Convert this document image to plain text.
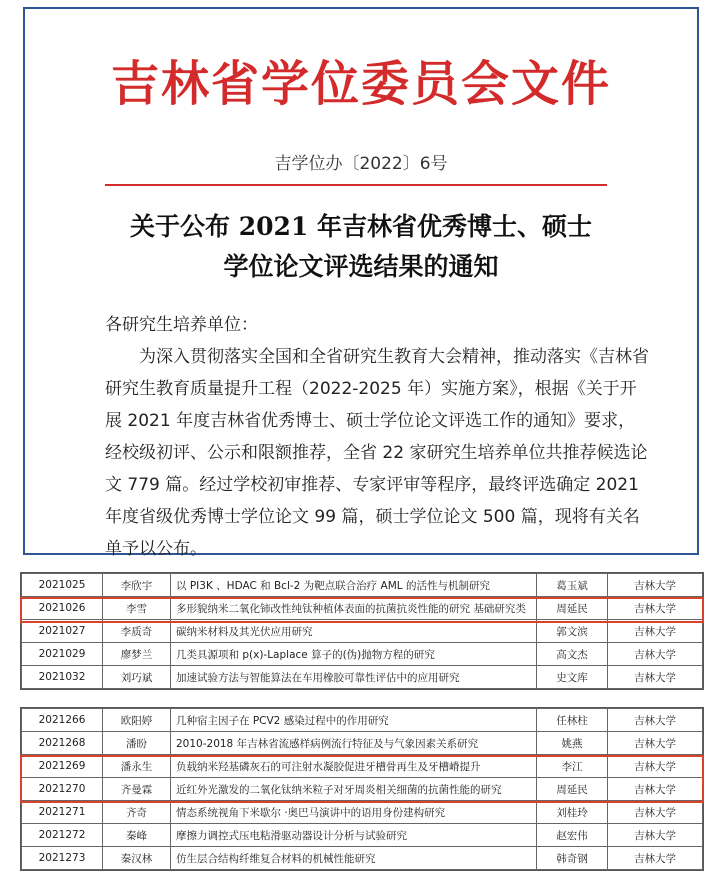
吉林省学位委员会文件
吉学位办〔2022〕6号
关于公布 2021 年吉林省优秀博士、硕士
学位论文评选结果的通知

各研究生培养单位：

为深入贯彻落实全国和全省研究生教育大会精神，推动落实《吉林省研究生教育质量提升工程（2022-2025 年）实施方案》，根据《关于开展 2021 年度吉林省优秀博士、硕士学位论文评选工作的通知》要求，经校级初评、公示和限额推荐，全省 22 家研究生培养单位共推荐候选论文 779 篇。经过学校初审推荐、专家评审等程序，最终评选确定 2021 年度省级优秀博士学位论文 99 篇，硕士学位论文 500 篇，现将有关名单予以公布。

2021025	李欣宇	以 PI3K 、HDAC 和 Bcl-2 为靶点联合治疗 AML 的活性与机制研究	葛玉斌	吉林大学
2021026	李雪	多形貌纳米二氧化铈改性纯钛种植体表面的抗菌抗炎性能的研究 基础研究类	周延民	吉林大学
2021027	李质奇	碳纳米材料及其光伏应用研究	郭文滨	吉林大学
2021029	廖梦兰	几类具源项和 p(x)-Laplace 算子的(伪)抛物方程的研究	高文杰	吉林大学
2021032	刘巧斌	加速试验方法与智能算法在车用橡胶可靠性评估中的应用研究	史文库	吉林大学
2021266	欧阳婷	几种宿主因子在 PCV2 感染过程中的作用研究	任林柱	吉林大学
2021268	潘盼	2010-2018 年吉林省流感样病例流行特征及与气象因素关系研究	姚燕	吉林大学
2021269	潘永生	负载纳米羟基磷灰石的可注射水凝胶促进牙槽骨再生及牙槽嵴提升	李江	吉林大学
2021270	齐曼霖	近红外光激发的二氧化钛纳米粒子对牙周炎相关细菌的抗菌性能的研究	周延民	吉林大学
2021271	齐奇	情态系统视角下米歇尔 ·奥巴马演讲中的语用身份建构研究	刘桂玲	吉林大学
2021272	秦峰	摩擦力调控式压电粘滑驱动器设计分析与试验研究	赵宏伟	吉林大学
2021273	秦汉林	仿生层合结构纤维复合材料的机械性能研究	韩奇钢	吉林大学
